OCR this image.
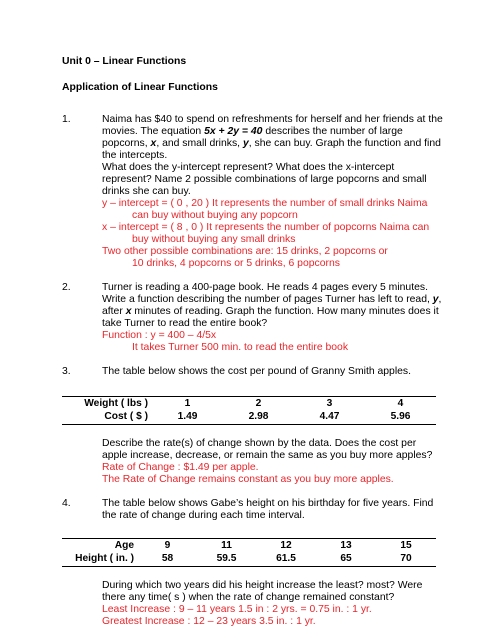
Unit 0 – Linear Functions
Application of Linear Functions
1.	Naima has $40 to spend on refreshments for herself and her friends at the
movies. The equation 5x + 2y = 40 describes the number of large
popcorns, x, and small drinks, y, she can buy. Graph the function and find
the intercepts.
What does the y-intercept represent? What does the x-intercept
represent? Name 2 possible combinations of large popcorns and small
drinks she can buy.
y – intercept = ( 0 , 20 ) It represents the number of small drinks Naima
can buy without buying any popcorn
x – intercept = ( 8 , 0 ) It represents the number of popcorns Naima can
buy without buying any small drinks
Two other possible combinations are: 15 drinks, 2 popcorns or
10 drinks, 4 popcorns or 5 drinks, 6 popcorns
2.	Turner is reading a 400-page book. He reads 4 pages every 5 minutes.
Write a function describing the number of pages Turner has left to read, y,
after x minutes of reading. Graph the function. How many minutes does it
take Turner to read the entire book?
Function : y = 400 – 4/5x
It takes Turner 500 min. to read the entire book
3.	The table below shows the cost per pound of Granny Smith apples.
Weight ( lbs )	1	2	3	4
Cost ( $ )	1.49	2.98	4.47	5.96
Describe the rate(s) of change shown by the data. Does the cost per
apple increase, decrease, or remain the same as you buy more apples?
Rate of Change : $1.49 per apple.
The Rate of Change remains constant as you buy more apples.
4.	The table below shows Gabe’s height on his birthday for five years. Find
the rate of change during each time interval.
Age	9	11	12	13	15
Height ( in. )	58	59.5	61.5	65	70
During which two years did his height increase the least? most? Were
there any time( s ) when the rate of change remained constant?
Least Increase : 9 – 11 years 1.5 in : 2 yrs. = 0.75 in. : 1 yr.
Greatest Increase : 12 – 23 years 3.5 in. : 1 yr.
